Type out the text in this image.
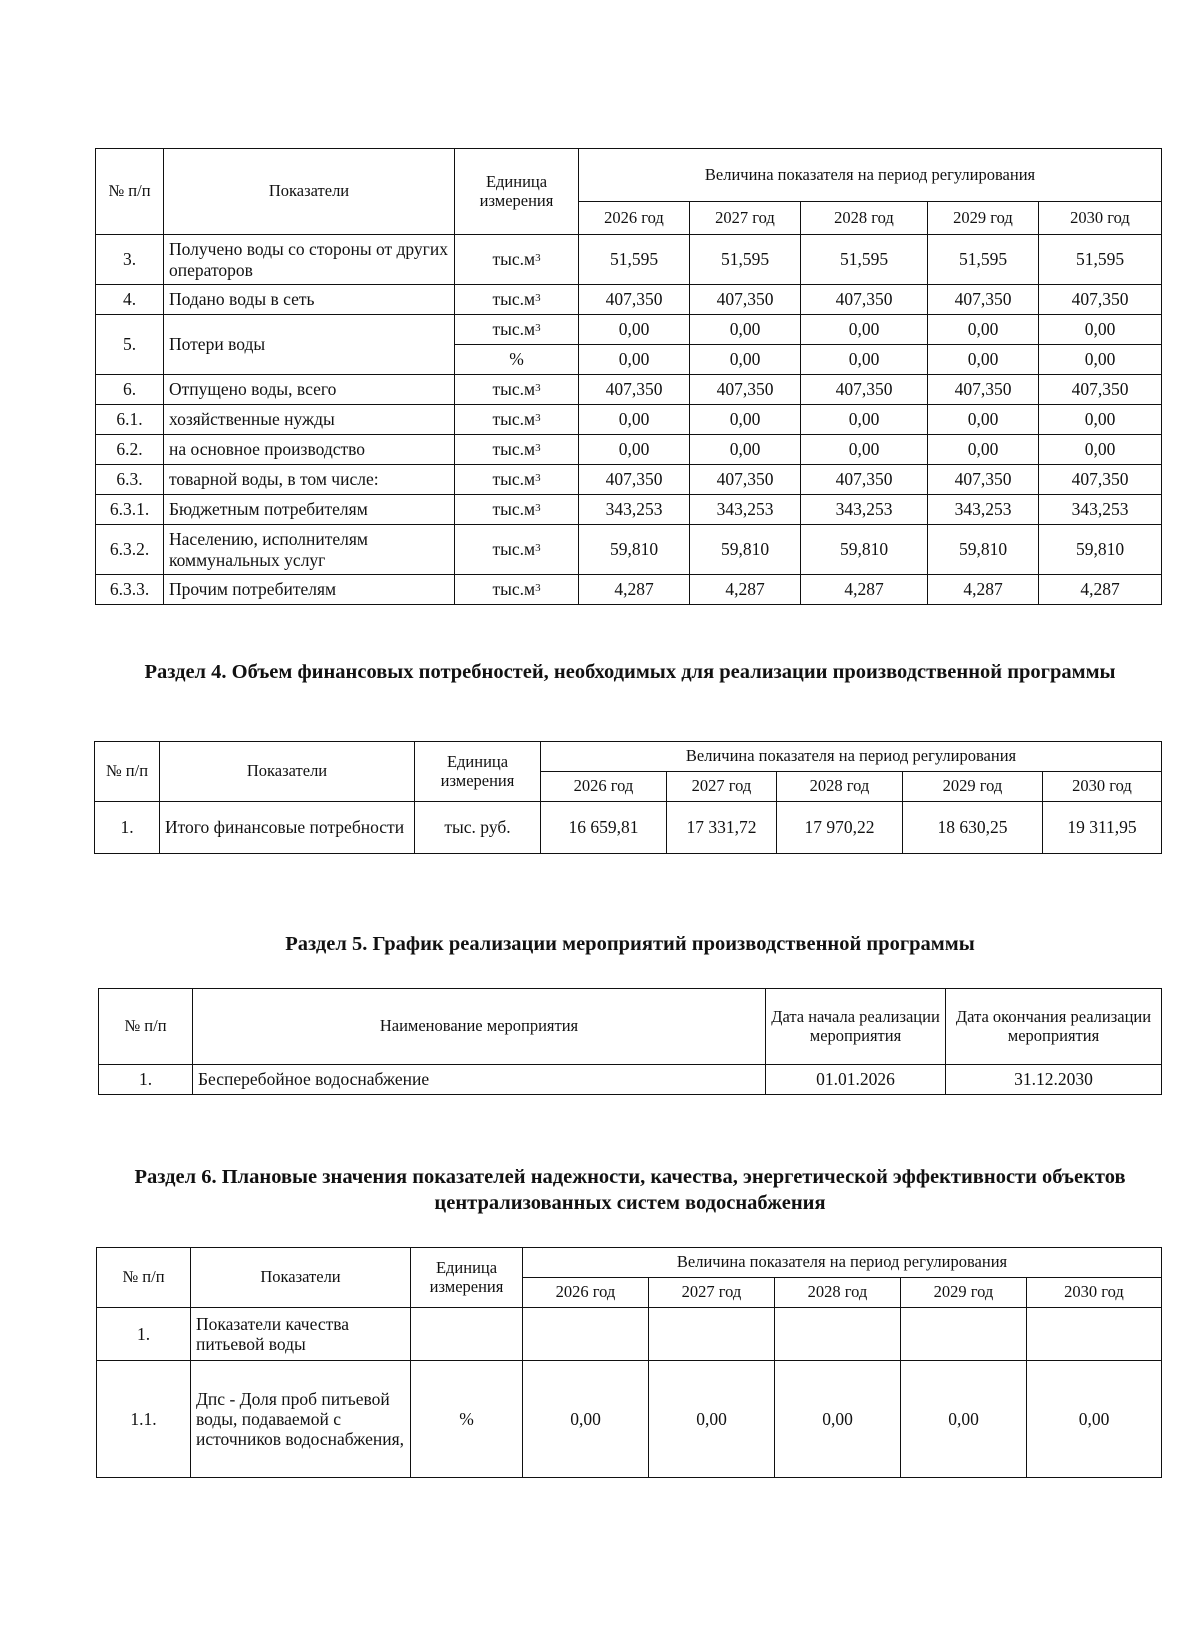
№ п/п	Показатели	Единица измерения	Величина показателя на период регулирования				
			2026 год	2027 год	2028 год	2029 год	2030 год
3.	Получено воды со стороны от других операторов	$тыс.м^3$	51,595	51,595	51,595	51,595	51,595
4.	Подано воды в сеть	$тыс.м^3$	407,350	407,350	407,350	407,350	407,350
5.	Потери воды	$тыс.м^3$	0,00	0,00	0,00	0,00	0,00
		%	0,00	0,00	0,00	0,00	0,00
6.	Отпущено воды, всего	$тыс.м^3$	407,350	407,350	407,350	407,350	407,350
6.1.	хозяйственные нужды	$тыс.м^3$	0,00	0,00	0,00	0,00	0,00
6.2.	на основное производство	$тыс.м^3$	0,00	0,00	0,00	0,00	0,00
6.3.	товарной воды, в том числе:	$тыс.м^3$	407,350	407,350	407,350	407,350	407,350
6.3.1.	Бюджетным потребителям	$тыс.м^3$	343,253	343,253	343,253	343,253	343,253
6.3.2.	Населению, исполнителям коммунальных услуг	$тыс.м^3$	59,810	59,810	59,810	59,810	59,810
6.3.3.	Прочим потребителям	$тыс.м^3$	4,287	4,287	4,287	4,287	4,287
Раздел 4. Объем финансовых потребностей, необходимых для реализации производственной программы
№ п/п	Показатели	Единица измерения	Величина показателя на период регулирования				
			2026 год	2027 год	2028 год	2029 год	2030 год
1.	Итого финансовые потребности	тыс. руб.	16 659,81	17 331,72	17 970,22	18 630,25	19 311,95
Раздел 5. График реализации мероприятий производственной программы
№ п/п	Наименование мероприятия	Дата начала реализации мероприятия	Дата окончания реализации мероприятия
1.	Бесперебойное водоснабжение	01.01.2026	31.12.2030
Раздел 6. Плановые значения показателей надежности, качества, энергетической эффективности объектов централизованных систем водоснабжения
№ п/п	Показатели	Единица измерения	Величина показателя на период регулирования				
			2026 год	2027 год	2028 год	2029 год	2030 год
1.	Показатели качества питьевой воды						
1.1.	Дпс - Доля проб питьевой воды, подаваемой с источников водоснабжения,	%	0,00	0,00	0,00	0,00	0,00
